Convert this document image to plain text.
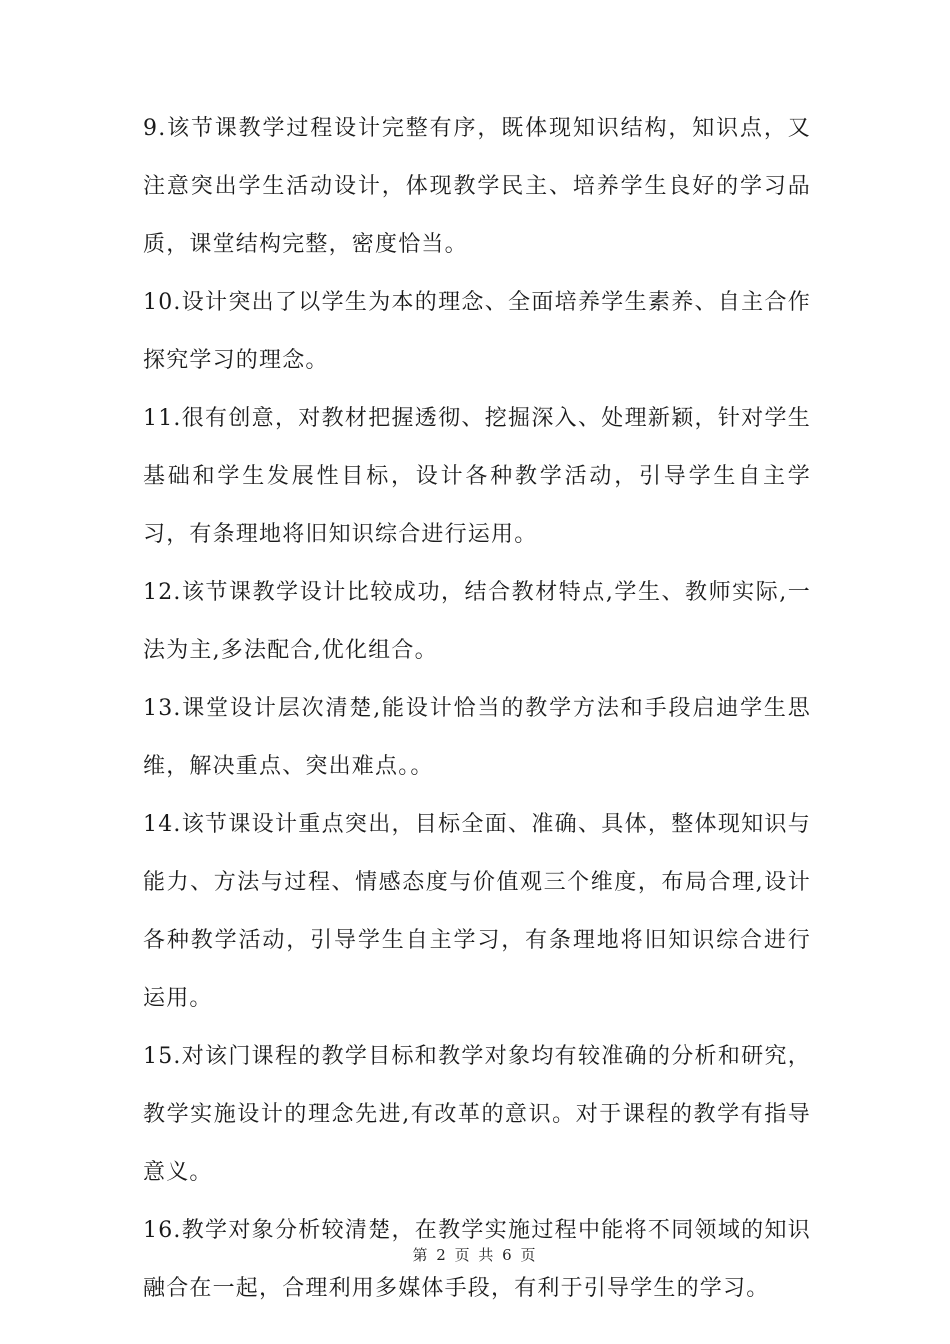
9.该节课教学过程设计完整有序，既体现知识结构，知识点，又注意突出学生活动设计，体现教学民主、培养学生良好的学习品质，课堂结构完整，密度恰当。

10.设计突出了以学生为本的理念、全面培养学生素养、自主合作探究学习的理念。

11.很有创意，对教材把握透彻、挖掘深入、处理新颖，针对学生基础和学生发展性目标，设计各种教学活动，引导学生自主学习，有条理地将旧知识综合进行运用。

12.该节课教学设计比较成功，结合教材特点,学生、教师实际,一法为主,多法配合,优化组合。

13.课堂设计层次清楚,能设计恰当的教学方法和手段启迪学生思维，解决重点、突出难点。。

14.该节课设计重点突出，目标全面、准确、具体，整体现知识与能力、方法与过程、情感态度与价值观三个维度，布局合理,设计各种教学活动，引导学生自主学习，有条理地将旧知识综合进行运用。

15.对该门课程的教学目标和教学对象均有较准确的分析和研究，教学实施设计的理念先进,有改革的意识。对于课程的教学有指导意义。

16.教学对象分析较清楚，在教学实施过程中能将不同领域的知识融合在一起，合理利用多媒体手段，有利于引导学生的学习。

第 2 页 共 6 页
